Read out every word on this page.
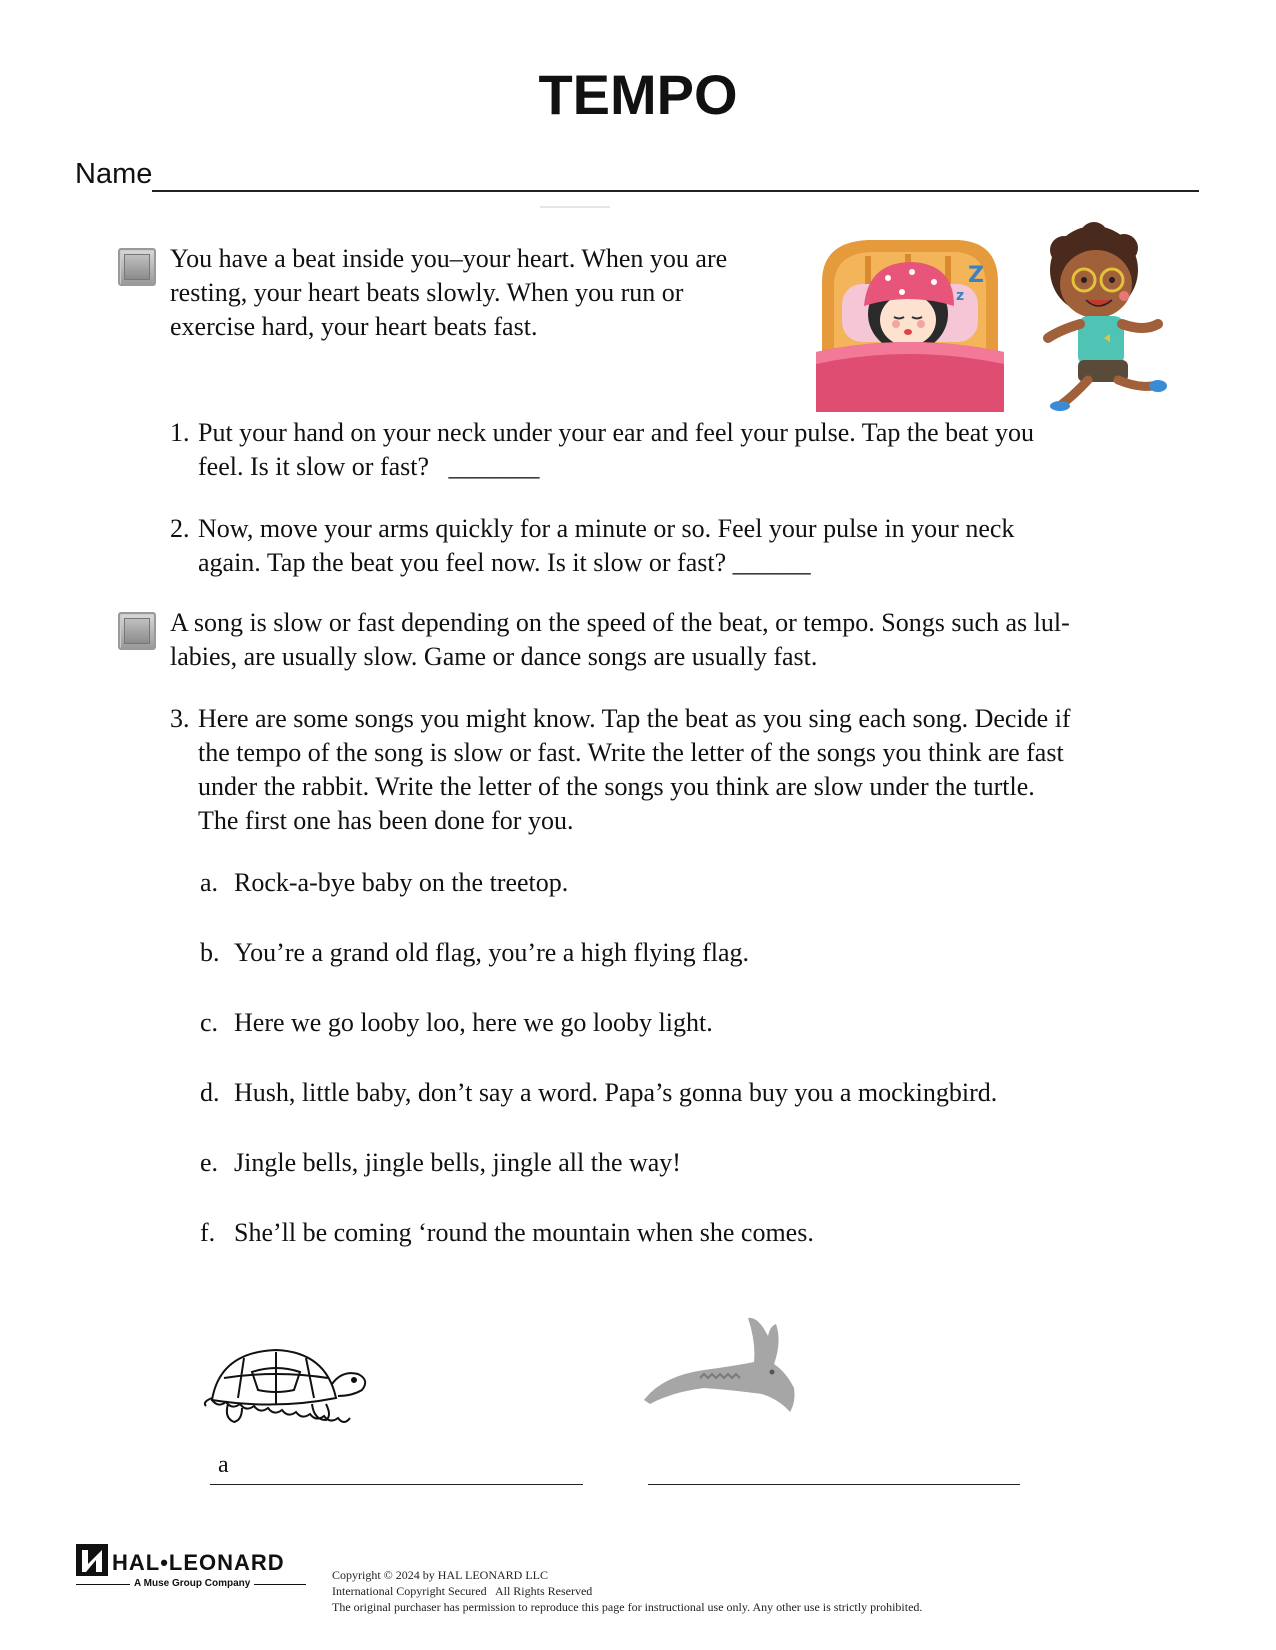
TEMPO
Name
You have a beat inside you–your heart. When you are
resting, your heart beats slowly. When you run or
exercise hard, your heart beats fast.
Z
z
1. Put your hand on your neck under your ear and feel your pulse. Tap the beat you
feel. Is it slow or fast?   _______
2. Now, move your arms quickly for a minute or so. Feel your pulse in your neck
again. Tap the beat you feel now. Is it slow or fast? ______
A song is slow or fast depending on the speed of the beat, or tempo. Songs such as lul-
labies, are usually slow. Game or dance songs are usually fast.
3. Here are some songs you might know. Tap the beat as you sing each song. Decide if
the tempo of the song is slow or fast. Write the letter of the songs you think are fast
under the rabbit. Write the letter of the songs you think are slow under the turtle.
The first one has been done for you.
a. Rock-a-bye baby on the treetop.
b. You’re a grand old flag, you’re a high flying flag.
c. Here we go looby loo, here we go looby light.
d. Hush, little baby, don’t say a word. Papa’s gonna buy you a mockingbird.
e. Jingle bells, jingle bells, jingle all the way!
f. She’ll be coming ‘round the mountain when she comes.
a
HAL•LEONARD
A Muse Group Company
Copyright © 2024 by HAL LEONARD LLC
International Copyright Secured   All Rights Reserved
The original purchaser has permission to reproduce this page for instructional use only. Any other use is strictly prohibited.
